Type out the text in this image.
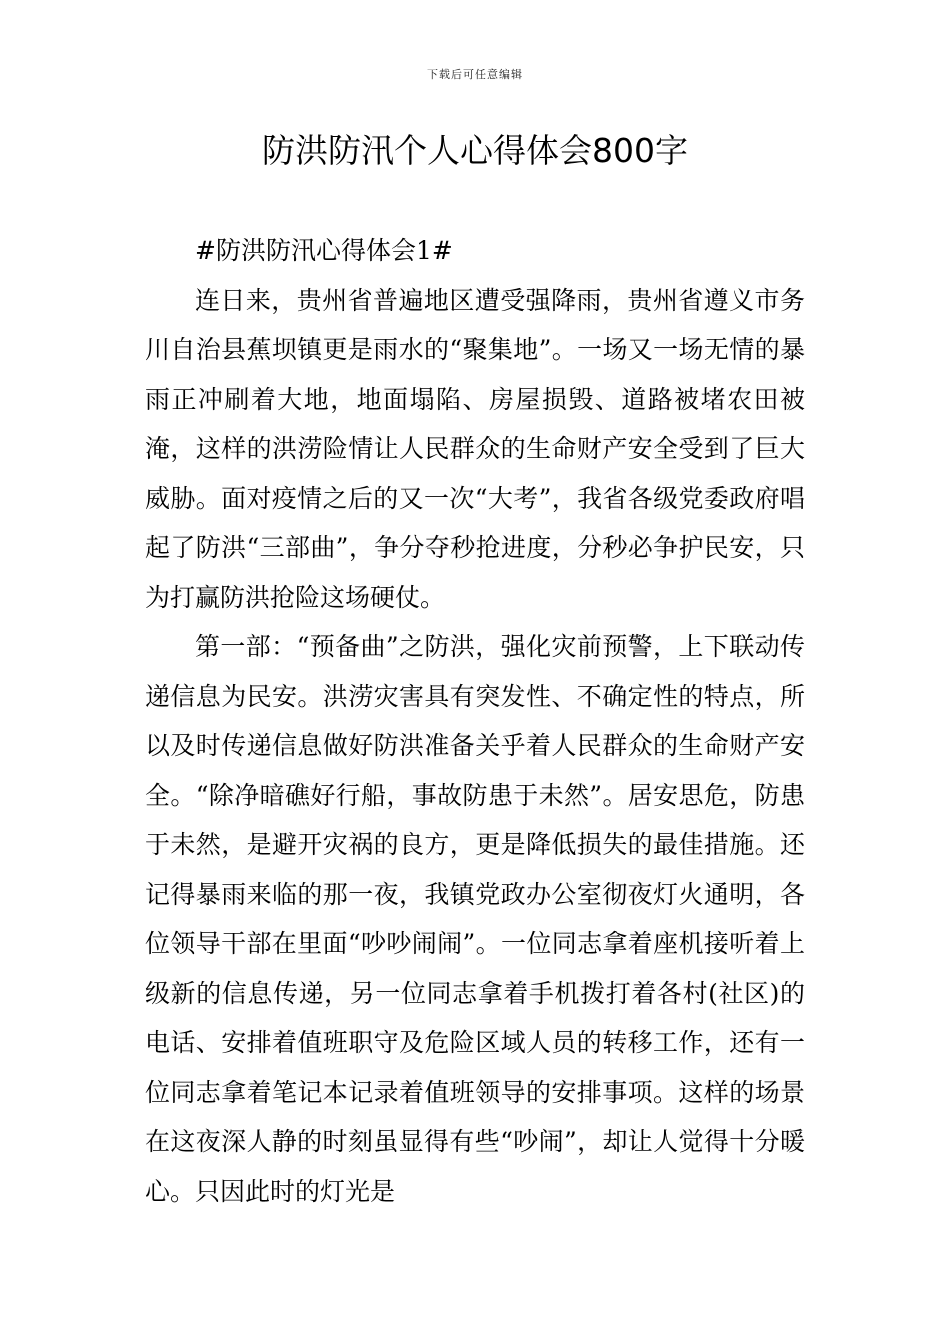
下载后可任意编辑
防洪防汛个人心得体会800字

#防洪防汛心得体会1#

连日来，贵州省普遍地区遭受强降雨，贵州省遵义市务川自治县蕉坝镇更是雨水的“聚集地”。一场又一场无情的暴雨正冲刷着大地，地面塌陷、房屋损毁、道路被堵农田被淹，这样的洪涝险情让人民群众的生命财产安全受到了巨大威胁。面对疫情之后的又一次“大考”，我省各级党委政府唱起了防洪“三部曲”，争分夺秒抢进度，分秒必争护民安，只为打赢防洪抢险这场硬仗。

第一部：“预备曲”之防洪，强化灾前预警，上下联动传递信息为民安。洪涝灾害具有突发性、不确定性的特点，所以及时传递信息做好防洪准备关乎着人民群众的生命财产安全。“除净暗礁好行船，事故防患于未然”。居安思危，防患于未然，是避开灾祸的良方，更是降低损失的最佳措施。还记得暴雨来临的那一夜，我镇党政办公室彻夜灯火通明，各位领导干部在里面“吵吵闹闹”。一位同志拿着座机接听着上级新的信息传递，另一位同志拿着手机拨打着各村(社区)的电话、安排着值班职守及危险区域人员的转移工作，还有一位同志拿着笔记本记录着值班领导的安排事项。这样的场景在这夜深人静的时刻虽显得有些“吵闹”，却让人觉得十分暖心。只因此时的灯光是
